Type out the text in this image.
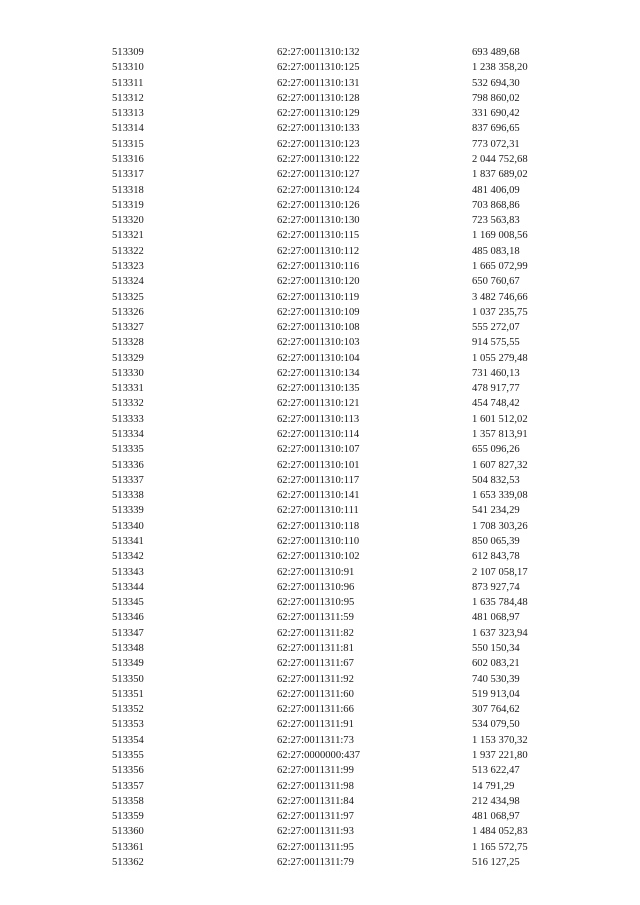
513309	62:27:0011310:132	693 489,68
513310	62:27:0011310:125	1 238 358,20
513311	62:27:0011310:131	532 694,30
513312	62:27:0011310:128	798 860,02
513313	62:27:0011310:129	331 690,42
513314	62:27:0011310:133	837 696,65
513315	62:27:0011310:123	773 072,31
513316	62:27:0011310:122	2 044 752,68
513317	62:27:0011310:127	1 837 689,02
513318	62:27:0011310:124	481 406,09
513319	62:27:0011310:126	703 868,86
513320	62:27:0011310:130	723 563,83
513321	62:27:0011310:115	1 169 008,56
513322	62:27:0011310:112	485 083,18
513323	62:27:0011310:116	1 665 072,99
513324	62:27:0011310:120	650 760,67
513325	62:27:0011310:119	3 482 746,66
513326	62:27:0011310:109	1 037 235,75
513327	62:27:0011310:108	555 272,07
513328	62:27:0011310:103	914 575,55
513329	62:27:0011310:104	1 055 279,48
513330	62:27:0011310:134	731 460,13
513331	62:27:0011310:135	478 917,77
513332	62:27:0011310:121	454 748,42
513333	62:27:0011310:113	1 601 512,02
513334	62:27:0011310:114	1 357 813,91
513335	62:27:0011310:107	655 096,26
513336	62:27:0011310:101	1 607 827,32
513337	62:27:0011310:117	504 832,53
513338	62:27:0011310:141	1 653 339,08
513339	62:27:0011310:111	541 234,29
513340	62:27:0011310:118	1 708 303,26
513341	62:27:0011310:110	850 065,39
513342	62:27:0011310:102	612 843,78
513343	62:27:0011310:91	2 107 058,17
513344	62:27:0011310:96	873 927,74
513345	62:27:0011310:95	1 635 784,48
513346	62:27:0011311:59	481 068,97
513347	62:27:0011311:82	1 637 323,94
513348	62:27:0011311:81	550 150,34
513349	62:27:0011311:67	602 083,21
513350	62:27:0011311:92	740 530,39
513351	62:27:0011311:60	519 913,04
513352	62:27:0011311:66	307 764,62
513353	62:27:0011311:91	534 079,50
513354	62:27:0011311:73	1 153 370,32
513355	62:27:0000000:437	1 937 221,80
513356	62:27:0011311:99	513 622,47
513357	62:27:0011311:98	14 791,29
513358	62:27:0011311:84	212 434,98
513359	62:27:0011311:97	481 068,97
513360	62:27:0011311:93	1 484 052,83
513361	62:27:0011311:95	1 165 572,75
513362	62:27:0011311:79	516 127,25
